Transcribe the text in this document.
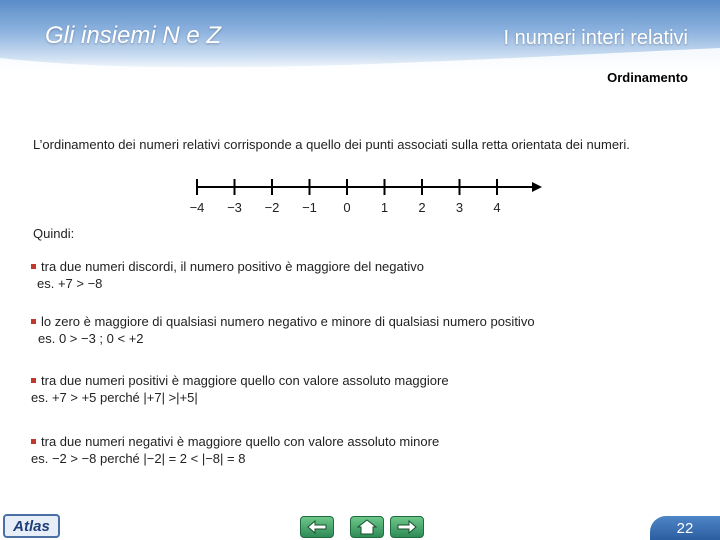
Gli insiemi N e Z	I numeri interi relativi
Ordinamento
L’ordinamento dei numeri relativi corrisponde a quello dei punti associati sulla retta orientata dei numeri.
−4 −3 −2 −1 0 1 2 3 4
Quindi:
tra due numeri discordi, il numero positivo è maggiore del negativo
es. +7 > −8
lo zero è maggiore di qualsiasi numero negativo e minore di qualsiasi numero positivo
es. 0 > −3 ; 0 < +2
tra due numeri positivi è maggiore quello con valore assoluto maggiore
es. +7 > +5 perché |+7| >|+5|
tra due numeri negativi è maggiore quello con valore assoluto minore
es. −2 > −8 perché |−2| = 2 < |−8| = 8
Atlas	22
